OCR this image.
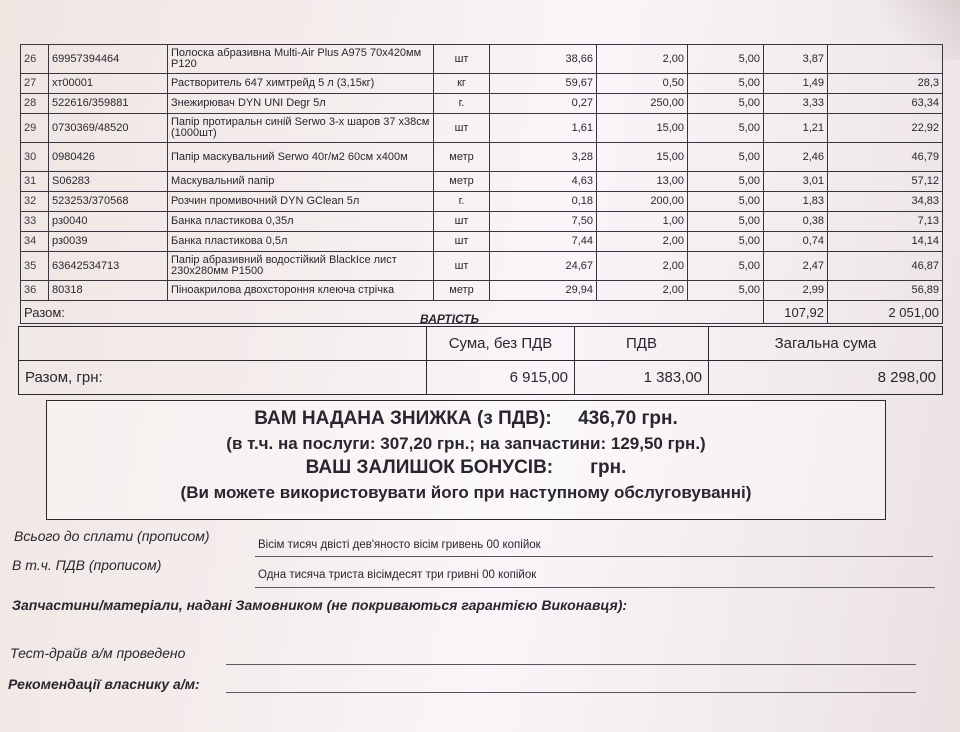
26	69957394464	Полоска абразивна Multi-Air Plus A975 70x420мм P120	шт	38,66	2,00	5,00	3,87	
27	хт00001	Растворитель 647 химтрейд 5 л (3,15кг)	кг	59,67	0,50	5,00	1,49	28,3
28	522616/359881	Знежирювач DYN UNI Degr 5л	г.	0,27	250,00	5,00	3,33	63,34
29	0730369/48520	Папір протиральн синій Serwo 3-х шаров 37 х38см (1000шт)	шт	1,61	15,00	5,00	1,21	22,92
30	0980426	Папір маскувальний Serwo 40г/м2 60см х400м	метр	3,28	15,00	5,00	2,46	46,79
31	S06283	Маскувальний папір	метр	4,63	13,00	5,00	3,01	57,12
32	523253/370568	Розчин промивочний DYN GClean 5л	г.	0,18	200,00	5,00	1,83	34,83
33	рз0040	Банка пластикова 0,35л	шт	7,50	1,00	5,00	0,38	7,13
34	рз0039	Банка пластикова 0,5л	шт	7,44	2,00	5,00	0,74	14,14
35	63642534713	Папір абразивний водостійкий BlackIce лист 230x280мм P1500	шт	24,67	2,00	5,00	2,47	46,87
36	80318	Піноакрилова двохстороння клеюча стрічка	метр	29,94	2,00	5,00	2,99	56,89
Разом:							107,92	2 051,00
ВАРТІСТЬ
	Сума, без ПДВ	ПДВ	Загальна сума
Разом, грн:	6 915,00	1 383,00	8 298,00
ВАМ НАДАНА ЗНИЖКА (з ПДВ): 436,70 грн.
(в т.ч. на послуги: 307,20 грн.; на запчастини: 129,50 грн.)
ВАШ ЗАЛИШОК БОНУСІВ: грн.
(Ви можете використовувати його при наступному обслуговуванні)
Всього до сплати (прописом)
Вісім тисяч двісті дев'яносто вісім гривень 00 копійок
В т.ч. ПДВ (прописом)
Одна тисяча триста вісімдесят три гривні 00 копійок
Запчастини/матеріали, надані Замовником (не покриваються гарантією Виконавця):
Тест-драйв а/м проведено
Рекомендації власнику а/м:
